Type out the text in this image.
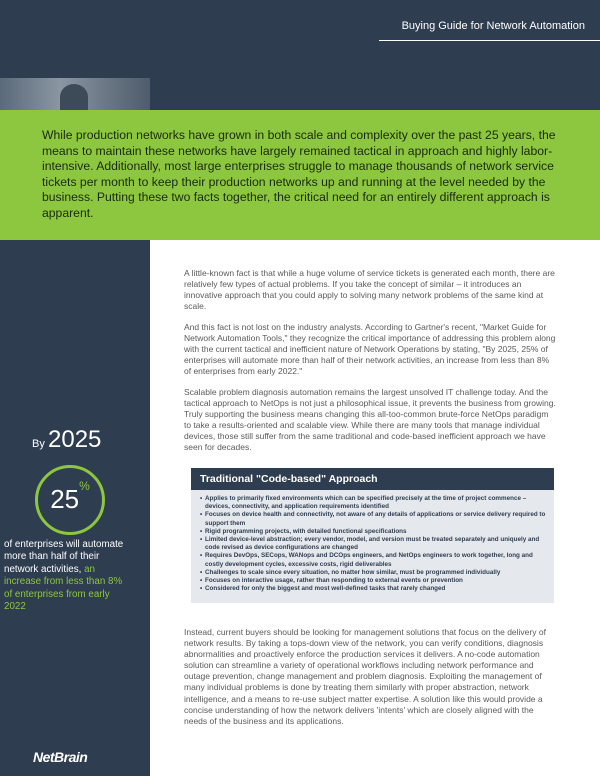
Buying Guide for Network Automation

While production networks have grown in both scale and complexity over the past 25 years, the means to maintain these networks have largely remained tactical in approach and highly labor-intensive. Additionally, most large enterprises struggle to manage thousands of network service tickets per month to keep their production networks up and running at the level needed by the business. Putting these two facts together, the critical need for an entirely different approach is apparent.

By 2025
25%
of enterprises will automate more than half of their network activities, an increase from less than 8% of enterprises from early 2022
NetBrain
A little-known fact is that while a huge volume of service tickets is generated each month, there are relatively few types of actual problems. If you take the concept of similar – it introduces an innovative approach that you could apply to solving many network problems of the same kind at scale.
And this fact is not lost on the industry analysts. According to Gartner's recent, "Market Guide for Network Automation Tools," they recognize the critical importance of addressing this problem along with the current tactical and inefficient nature of Network Operations by stating, "By 2025, 25% of enterprises will automate more than half of their network activities, an increase from less than 8% of enterprises from early 2022."
Scalable problem diagnosis automation remains the largest unsolved IT challenge today. And the tactical approach to NetOps is not just a philosophical issue, it prevents the business from growing. Truly supporting the business means changing this all-too-common brute-force NetOps paradigm to take a results-oriented and scalable view. While there are many tools that manage individual devices, those still suffer from the same traditional and code-based inefficient approach we have seen for decades.
Traditional "Code-based" Approach
• Applies to primarily fixed environments which can be specified precisely at the time of project commence – devices, connectivity, and application requirements identified
• Focuses on device health and connectivity, not aware of any details of applications or service delivery required to support them
• Rigid programming projects, with detailed functional specifications
• Limited device-level abstraction; every vendor, model, and version must be treated separately and uniquely and code revised as device configurations are changed
• Requires DevOps, SECops, WANops and DCOps engineers, and NetOps engineers to work together, long and costly development cycles, excessive costs, rigid deliverables
• Challenges to scale since every situation, no matter how similar, must be programmed individually
• Focuses on interactive usage, rather than responding to external events or prevention
• Considered for only the biggest and most well-defined tasks that rarely changed
Instead, current buyers should be looking for management solutions that focus on the delivery of network results. By taking a tops-down view of the network, you can verify conditions, diagnosis abnormalities and proactively enforce the production services it delivers. A no-code automation solution can streamline a variety of operational workflows including network performance and outage prevention, change management and problem diagnosis. Exploiting the management of many individual problems is done by treating them similarly with proper abstraction, network intelligence, and a means to re-use subject matter expertise. A solution like this would provide a concise understanding of how the network delivers 'intents' which are closely aligned with the needs of the business and its applications.
